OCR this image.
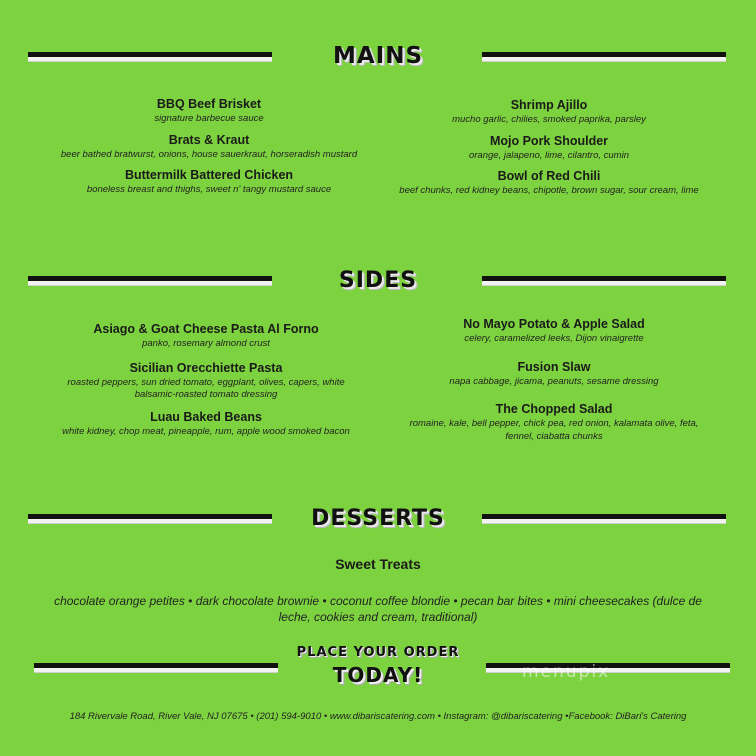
MAINS
BBQ Beef Brisket
signature barbecue sauce
Brats & Kraut
beer bathed bratwurst, onions, house sauerkraut, horseradish mustard
Buttermilk Battered Chicken
boneless breast and thighs, sweet n' tangy mustard sauce
Shrimp Ajillo
mucho garlic, chilies, smoked paprika, parsley
Mojo Pork Shoulder
orange, jalapeno, lime, cilantro, cumin
Bowl of Red Chili
beef chunks, red kidney beans, chipotle, brown sugar, sour cream, lime
SIDES
Asiago & Goat Cheese Pasta Al Forno
panko, rosemary almond crust
Sicilian Orecchiette Pasta
roasted peppers, sun dried tomato, eggplant, olives, capers, white balsamic-roasted tomato dressing
Luau Baked Beans
white kidney, chop meat, pineapple, rum, apple wood smoked bacon
No Mayo Potato & Apple Salad
celery, caramelized leeks, Dijon vinaigrette
Fusion Slaw
napa cabbage, jicama, peanuts, sesame dressing
The Chopped Salad
romaine, kale, bell pepper, chick pea, red onion, kalamata olive, feta, fennel, ciabatta chunks
DESSERTS
Sweet Treats
chocolate orange petites • dark chocolate brownie • coconut coffee blondie • pecan bar bites • mini cheesecakes (dulce de leche, cookies and cream, traditional)
PLACE YOUR ORDER
TODAY!	menupix
184 Rivervale Road, River Vale, NJ 07675 • (201) 594-9010 • www.dibariscatering.com • Instagram: @dibariscatering •Facebook: DiBari's Catering
